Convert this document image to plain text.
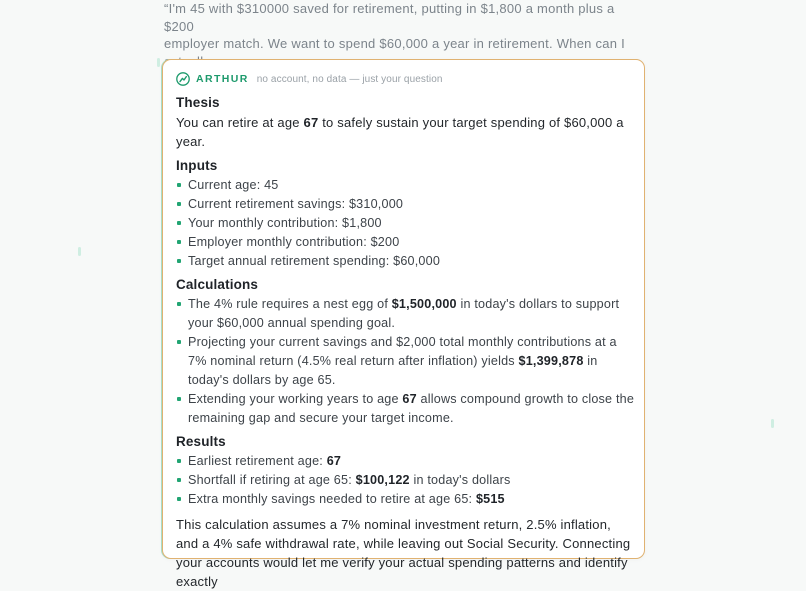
“I'm 45 with $310000 saved for retirement, putting in $1,800 a month plus a $200
employer match. We want to spend $60,000 a year in retirement. When can I
ARTHUR no account, no data — just your question
Thesis
You can retire at age 67 to safely sustain your target spending of $60,000 a year.
Inputs
Current age: 45
Current retirement savings: $310,000
Your monthly contribution: $1,800
Employer monthly contribution: $200
Target annual retirement spending: $60,000
Calculations
The 4% rule requires a nest egg of $1,500,000 in today's dollars to support your $60,000 annual spending goal.
Projecting your current savings and $2,000 total monthly contributions at a 7% nominal return (4.5% real return after inflation) yields $1,399,878 in today's dollars by age 65.
Extending your working years to age 67 allows compound growth to close the remaining gap and secure your target income.
Results
Earliest retirement age: 67
Shortfall if retiring at age 65: $100,122 in today's dollars
Extra monthly savings needed to retire at age 65: $515
This calculation assumes a 7% nominal investment return, 2.5% inflation, and a 4% safe withdrawal rate, while leaving out Social Security. Connecting your accounts would let me verify your actual spending patterns and identify exactly
